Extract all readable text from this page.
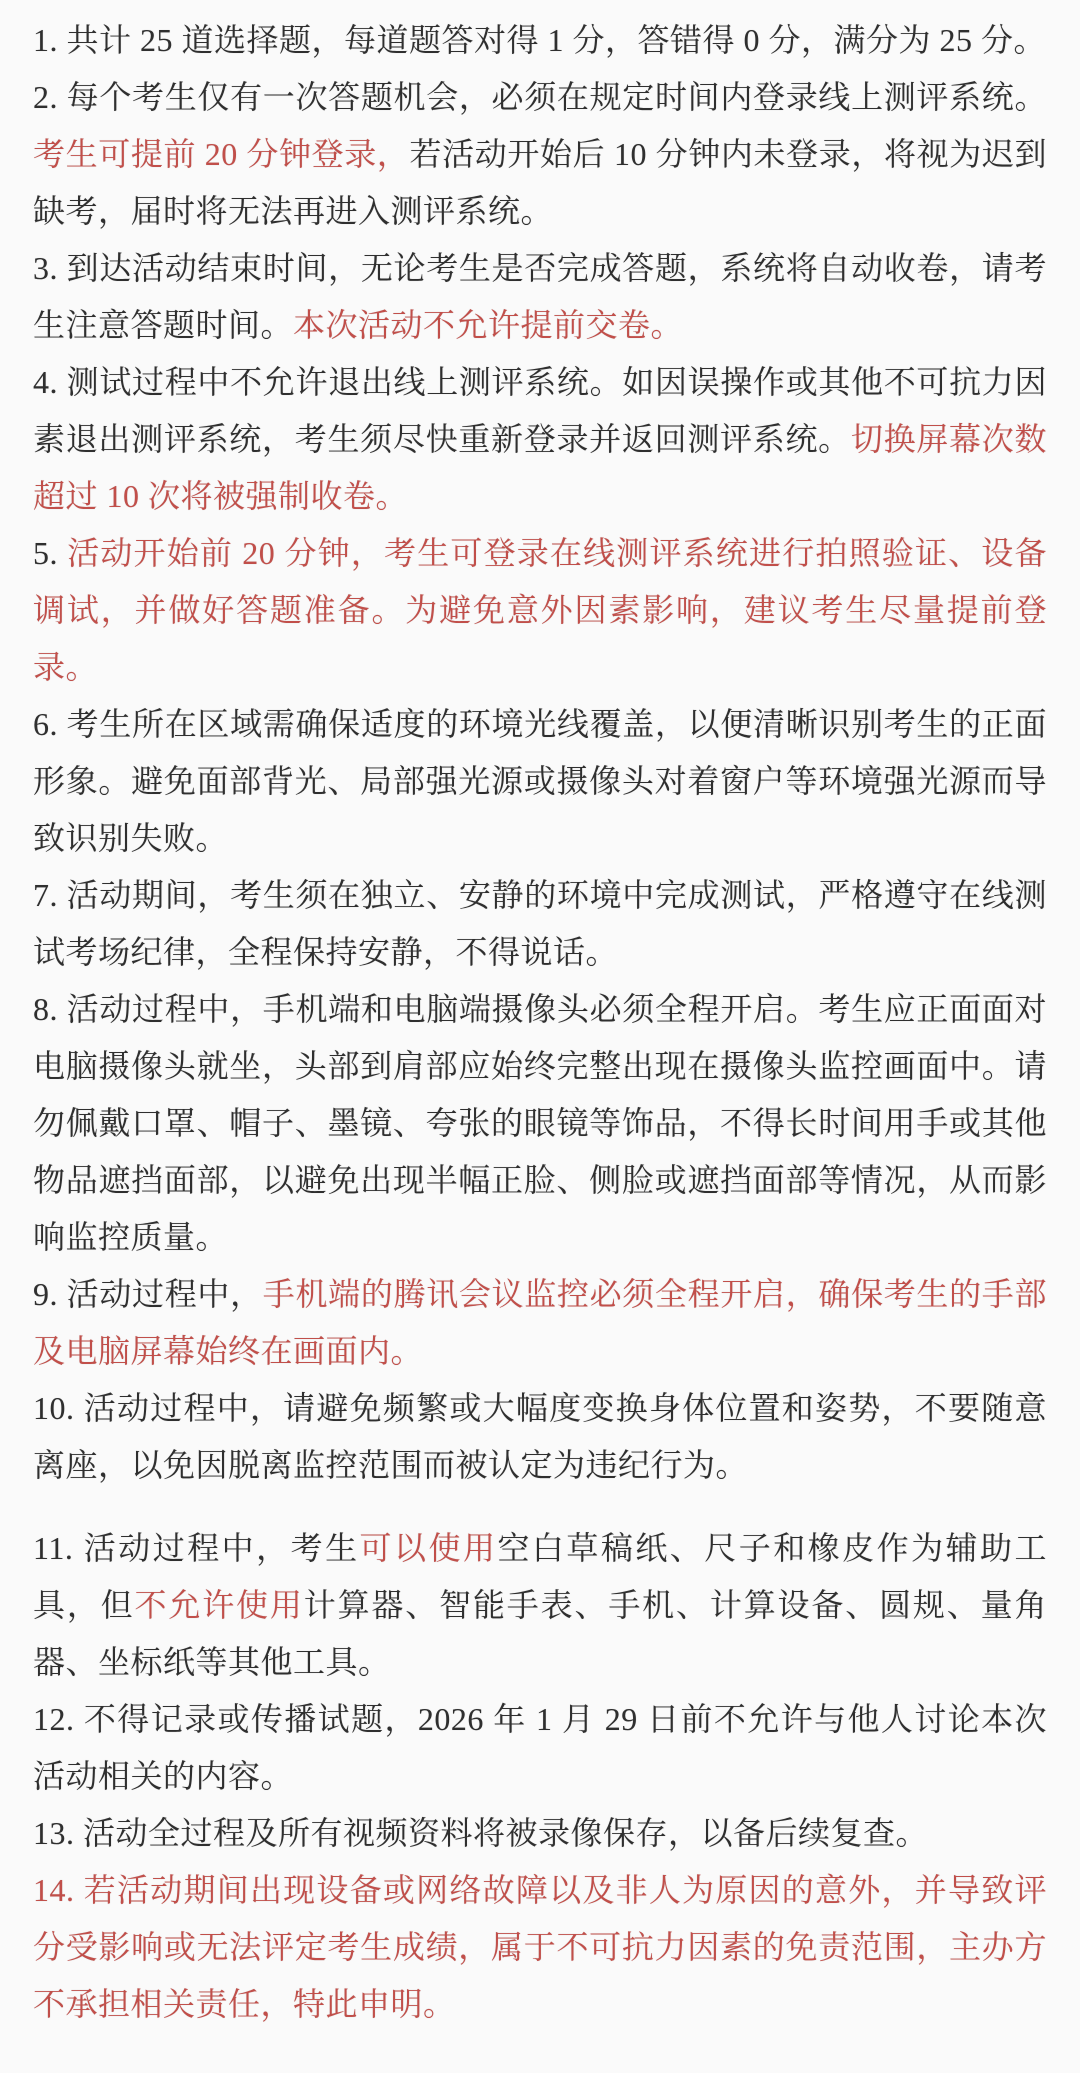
1. 共计 25 道选择题，每道题答对得 1 分，答错得 0 分，满分为 25 分。

2. 每个考生仅有一次答题机会，必须在规定时间内登录线上测评系统。考生可提前 20 分钟登录，若活动开始后 10 分钟内未登录，将视为迟到缺考，届时将无法再进入测评系统。

3. 到达活动结束时间，无论考生是否完成答题，系统将自动收卷，请考生注意答题时间。本次活动不允许提前交卷。

4. 测试过程中不允许退出线上测评系统。如因误操作或其他不可抗力因素退出测评系统，考生须尽快重新登录并返回测评系统。切换屏幕次数超过 10 次将被强制收卷。

5. 活动开始前 20 分钟，考生可登录在线测评系统进行拍照验证、设备调试，并做好答题准备。为避免意外因素影响，建议考生尽量提前登录。

6. 考生所在区域需确保适度的环境光线覆盖，以便清晰识别考生的正面形象。避免面部背光、局部强光源或摄像头对着窗户等环境强光源而导致识别失败。

7. 活动期间，考生须在独立、安静的环境中完成测试，严格遵守在线测试考场纪律，全程保持安静，不得说话。

8. 活动过程中，手机端和电脑端摄像头必须全程开启。考生应正面面对电脑摄像头就坐，头部到肩部应始终完整出现在摄像头监控画面中。请勿佩戴口罩、帽子、墨镜、夸张的眼镜等饰品，不得长时间用手或其他物品遮挡面部，以避免出现半幅正脸、侧脸或遮挡面部等情况，从而影响监控质量。

9. 活动过程中，手机端的腾讯会议监控必须全程开启，确保考生的手部及电脑屏幕始终在画面内。

10. 活动过程中，请避免频繁或大幅度变换身体位置和姿势，不要随意离座，以免因脱离监控范围而被认定为违纪行为。

11. 活动过程中，考生可以使用空白草稿纸、尺子和橡皮作为辅助工具，但不允许使用计算器、智能手表、手机、计算设备、圆规、量角器、坐标纸等其他工具。

12. 不得记录或传播试题，2026 年 1 月 29 日前不允许与他人讨论本次活动相关的内容。

13. 活动全过程及所有视频资料将被录像保存，以备后续复查。

14. 若活动期间出现设备或网络故障以及非人为原因的意外，并导致评分受影响或无法评定考生成绩，属于不可抗力因素的免责范围，主办方不承担相关责任，特此申明。
